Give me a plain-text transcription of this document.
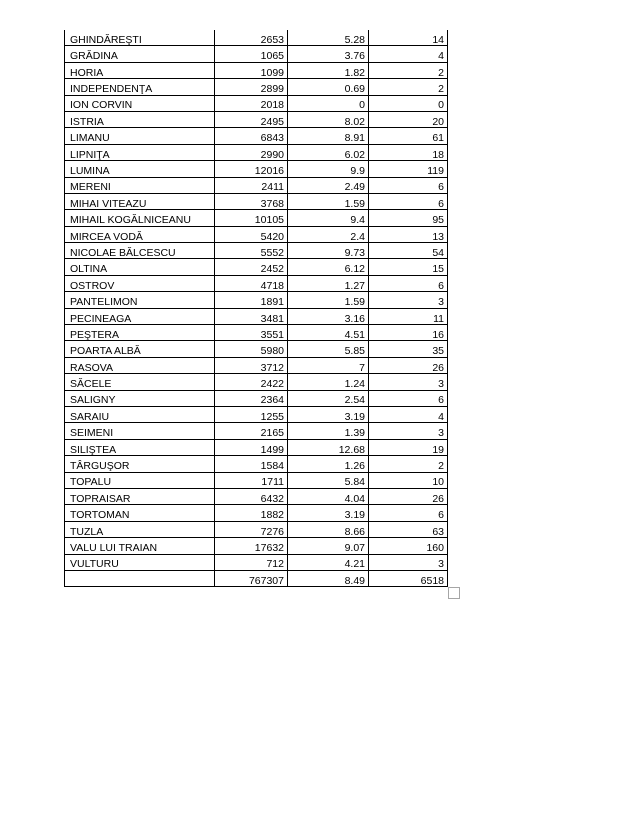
GHINDĂREŞTI	2653	5.28	14
GRĂDINA	1065	3.76	4
HORIA	1099	1.82	2
INDEPENDENŢA	2899	0.69	2
ION CORVIN	2018	0	0
ISTRIA	2495	8.02	20
LIMANU	6843	8.91	61
LIPNIŢA	2990	6.02	18
LUMINA	12016	9.9	119
MERENI	2411	2.49	6
MIHAI VITEAZU	3768	1.59	6
MIHAIL KOGĂLNICEANU	10105	9.4	95
MIRCEA VODĂ	5420	2.4	13
NICOLAE BĂLCESCU	5552	9.73	54
OLTINA	2452	6.12	15
OSTROV	4718	1.27	6
PANTELIMON	1891	1.59	3
PECINEAGA	3481	3.16	11
PEŞTERA	3551	4.51	16
POARTA ALBĂ	5980	5.85	35
RASOVA	3712	7	26
SĂCELE	2422	1.24	3
SALIGNY	2364	2.54	6
SARAIU	1255	3.19	4
SEIMENI	2165	1.39	3
SILIŞTEA	1499	12.68	19
TÂRGUŞOR	1584	1.26	2
TOPALU	1711	5.84	10
TOPRAISAR	6432	4.04	26
TORTOMAN	1882	3.19	6
TUZLA	7276	8.66	63
VALU LUI TRAIAN	17632	9.07	160
VULTURU	712	4.21	3
	767307	8.49	6518
